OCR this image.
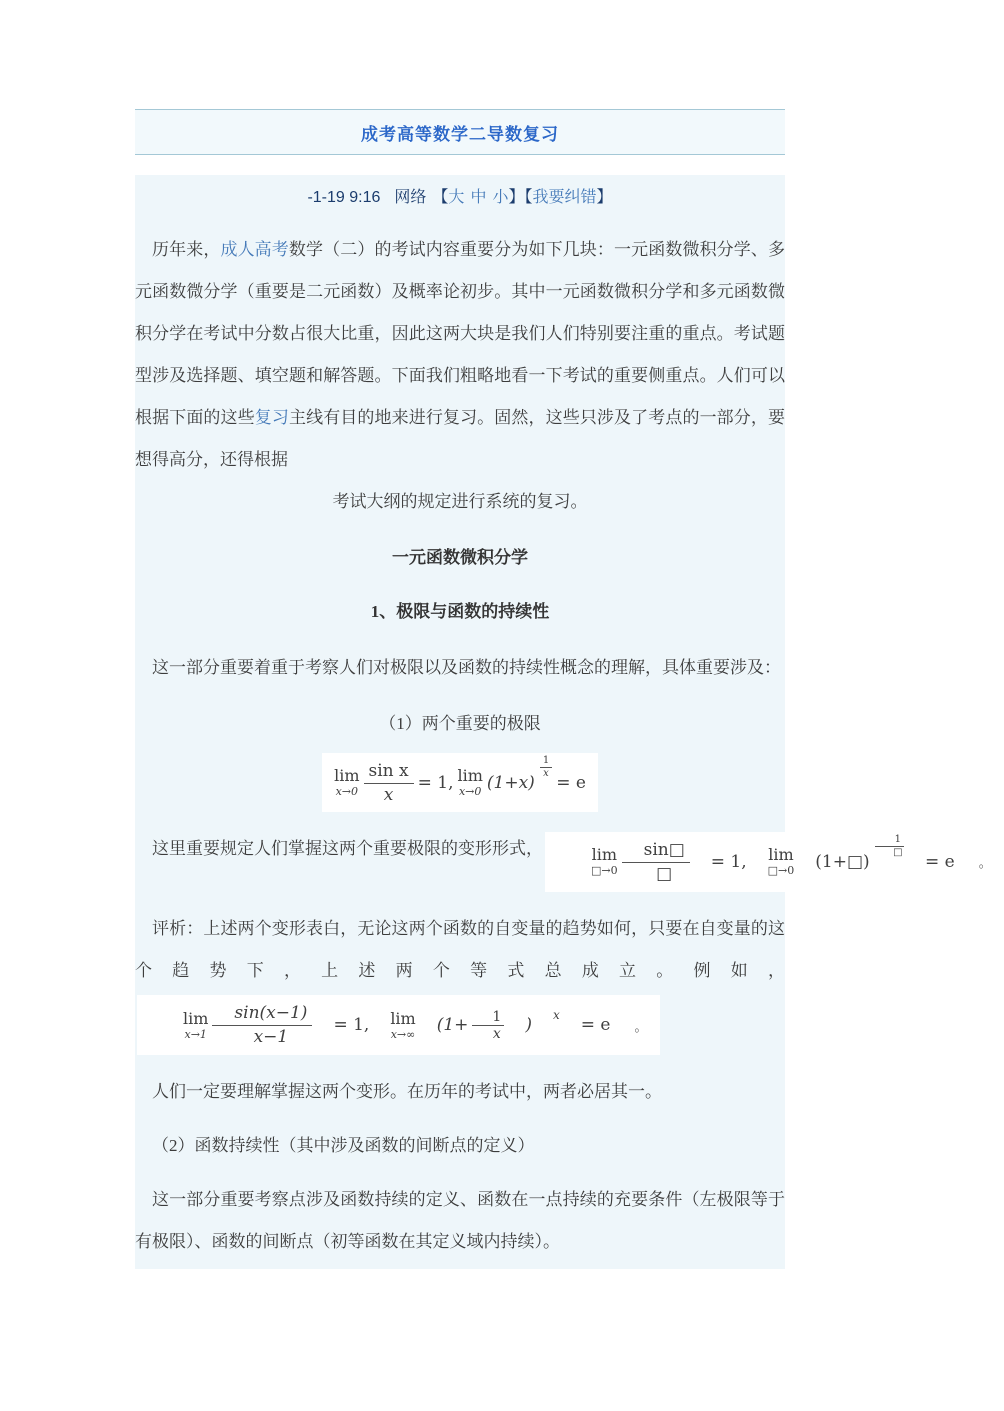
成考高等数学二导数复习
-1-19 9:16 网络 【大 中 小】【我要纠错】

历年来，成人高考数学（二）的考试内容重要分为如下几块：一元函数微积分学、多元函数微分学（重要是二元函数）及概率论初步。其中一元函数微积分学和多元函数微积分学在考试中分数占很大比重，因此这两大块是我们人们特别要注重的重点。考试题型涉及选择题、填空题和解答题。下面我们粗略地看一下考试的重要侧重点。人们可以根据下面的这些复习主线有目的地来进行复习。固然，这些只涉及了考点的一部分，要想得高分，还得根据

考试大纲的规定进行系统的复习。

一元函数微积分学

1、极限与函数的持续性

这一部分重要着重于考察人们对极限以及函数的持续性概念的理解，具体重要涉及：

（1）两个重要的极限

lim
$x\to 0 \frac{\text{sin x}}{x} = 1$, lim
x→0 (1+x)
$\frac{1}{x}$
= e

这里重要规定人们掌握这两个重要极限的变形形式，	lim
□→0 $\frac{\sin□}{□}$	= 1,	lim
□→0	(1+□)
1
□	= e	。

评析：上述两个变形表白，无论这两个函数的自变量的趋势如何，只要在自变量的这个趋势下，上述两个等式总成立。例如，
lim
$x\to 1 \frac{\sin(x-1)}{x-1}$	= 1,	lim
x→∞	($1+ \frac{1}{x}$	)	x	= e	。

人们一定要理解掌握这两个变形。在历年的考试中，两者必居其一。

（2）函数持续性（其中涉及函数的间断点的定义）

这一部分重要考察点涉及函数持续的定义、函数在一点持续的充要条件（左极限等于有极限）、函数的间断点（初等函数在其定义域内持续）。
